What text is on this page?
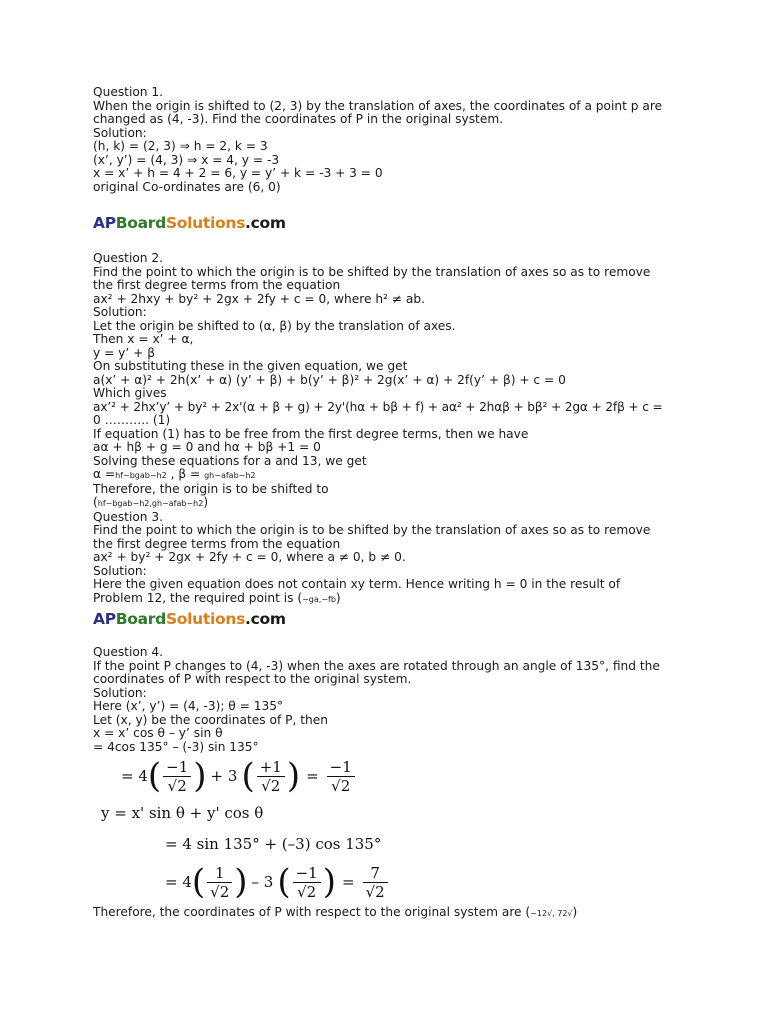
Question 1.
When the origin is shifted to (2, 3) by the translation of axes, the coordinates of a point p are
changed as (4, -3). Find the coordinates of P in the original system.
Solution:
(h, k) = (2, 3) ⇒ h = 2, k = 3
(x’, y’) = (4, 3) ⇒ x = 4, y = -3
x = x’ + h = 4 + 2 = 6, y = y’ + k = -3 + 3 = 0
original Co-ordinates are (6, 0)
APBoardSolutions.com
Question 2.
Find the point to which the origin is to be shifted by the translation of axes so as to remove
the first degree terms from the equation
ax² + 2hxy + by² + 2gx + 2fy + c = 0, where h² ≠ ab.
Solution:
Let the origin be shifted to (α, β) by the translation of axes.
Then x = x’ + α,
y = y’ + β
On substituting these in the given equation, we get
a(x’ + α)² + 2h(x’ + α) (y’ + β) + b(y’ + β)² + 2g(x’ + α) + 2f(y’ + β) + c = 0
Which gives
ax’² + 2hx’y’ + by² + 2x'(α + β + g) + 2y'(hα + bβ + f) + aα² + 2hαβ + bβ² + 2gα + 2fβ + c =
0 ……….. (1)
If equation (1) has to be free from the first degree terms, then we have
aα + hβ + g = 0 and hα + bβ +1 = 0
Solving these equations for a and 13, we get
α =hf−bgab−h2 , β = gh−afab−h2
Therefore, the origin is to be shifted to
(hf−bgab−h2,gh−afab−h2)
Question 3.
Find the point to which the origin is to be shifted by the translation of axes so as to remove
the first degree terms from the equation
ax² + by² + 2gx + 2fy + c = 0, where a ≠ 0, b ≠ 0.
Solution:
Here the given equation does not contain xy term. Hence writing h = 0 in the result of
Problem 12, the required point is (−ga,−fb)
APBoardSolutions.com
Question 4.
If the point P changes to (4, -3) when the axes are rotated through an angle of 135°, find the
coordinates of P with respect to the original system.
Solution:
Here (x’, y’) = (4, -3); θ = 135°
Let (x, y) be the coordinates of P, then
x = x’ cos θ – y’ sin θ
= 4cos 135° – (-3) sin 135°
= 4 ( $\frac{-1}{√2}$ ) + 3 ( $\frac{+1}{√2}$ ) = $\frac{-1}{√2}$
y = x' sin θ + y' cos θ
= 4 sin 135° + (–3) cos 135°
= 4 ( $\frac{1}{√2}$ ) – 3 ( $\frac{-1}{√2}$ ) = $\frac{7}{√2}$
Therefore, the coordinates of P with respect to the original system are (−12√, 72√)
